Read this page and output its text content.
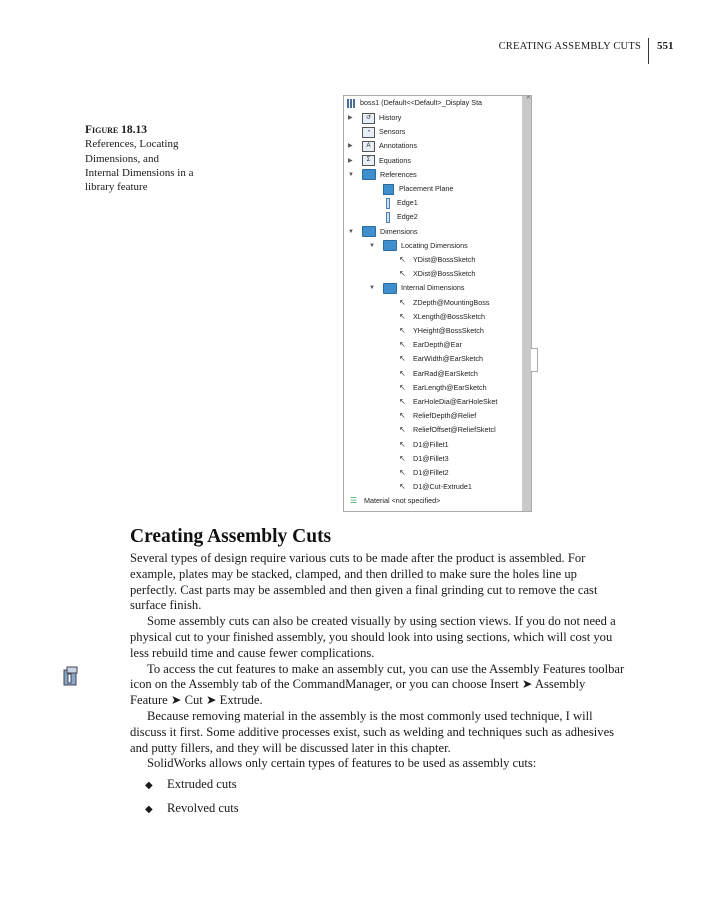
CREATING ASSEMBLY CUTS 551
Figure 18.13
References, Locating
Dimensions, and
Internal Dimensions in a
library feature
^
boss1 (Default<<Default>_Display Sta
▶ ↺ History
◔ Sensors
▶ A Annotations
▶ Σ Equations
▼	References
Placement Plane
Edge1
Edge2
▼	Dimensions
▼	Locating Dimensions
↖ YDist@BossSketch
↖ XDist@BossSketch
▼	Internal Dimensions
↖ ZDepth@MountingBoss
↖ XLength@BossSketch
↖ YHeight@BossSketch
↖ EarDepth@Ear
↖ EarWidth@EarSketch
↖ EarRad@EarSketch
↖ EarLength@EarSketch
↖ EarHoleDia@EarHoleSket
↖ ReliefDepth@Relief
↖ ReliefOffset@ReliefSketcl
↖ D1@Fillet1
↖ D1@Fillet3
↖ D1@Fillet2
↖ D1@Cut-Extrude1
☰ Material <not specified>
Creating Assembly Cuts
Several types of design require various cuts to be made after the product is assembled. For
example, plates may be stacked, clamped, and then drilled to make sure the holes line up
perfectly. Cast parts may be assembled and then given a final grinding cut to remove the cast
surface finish.
Some assembly cuts can also be created visually by using section views. If you do not need a
physical cut to your finished assembly, you should look into using sections, which will cost you
less rebuild time and cause fewer complications.
To access the cut features to make an assembly cut, you can use the Assembly Features toolbar
icon on the Assembly tab of the CommandManager, or you can choose Insert ➤ Assembly
Feature ➤ Cut ➤ Extrude.
Because removing material in the assembly is the most commonly used technique, I will
discuss it first. Some additive processes exist, such as welding and techniques such as adhesives
and putty fillers, and they will be discussed later in this chapter.
SolidWorks allows only certain types of features to be used as assembly cuts:
◆ Extruded cuts
◆ Revolved cuts
